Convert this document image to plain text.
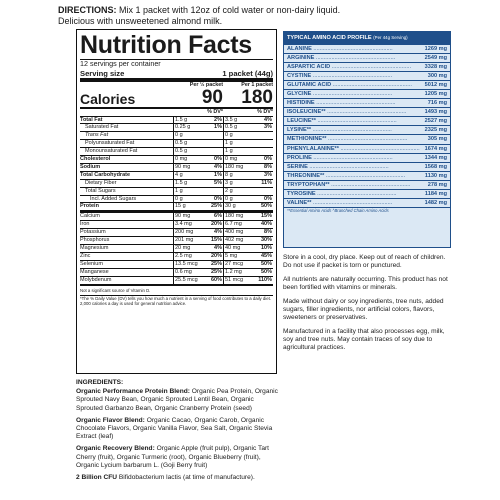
DIRECTIONS: Mix 1 packet with 12oz of cold water or non-dairy liquid.
Delicious with unsweetened almond milk.
Nutrition Facts
12 servings per container
Serving size	1 packet (44g)
Per ½ packet	Per 1 packet
Calories	90 180
% DV*	% DV*
Total Fat	1.5 g	2% 3.5 g	4%
Saturated Fat	0.25 g	1% 0.5 g	3%
Trans Fat	0 g	0 g
Polyunsaturated Fat	0.5 g	1 g
Monounsaturated Fat	0.5 g	1 g
Cholesterol	0 mg	0% 0 mg	0%
Sodium	90 mg	4% 180 mg	8%
Total Carbohydrate	4 g	1% 8 g	3%
Dietary Fiber	1.5 g	5% 3 g	11%
Total Sugars	1 g	2 g
Incl. Added Sugars	0 g	0% 0 g	0%
Protein	15 g	25% 30 g	50%
Calcium	90 mg	6% 180 mg	15%
Iron	3.4 mg	20% 6.7 mg	40%
Potassium	200 mg	4% 400 mg	8%
Phosphorus	201 mg	15% 402 mg	30%
Magnesium	20 mg	4% 40 mg	10%
Zinc	2.5 mg	20% 5 mg	45%
Selenium	13.5 mcg	25% 27 mcg	50%
Manganese	0.6 mg	25% 1.2 mg	50%
Molybdenum	25.5 mcg	60% 51 mcg	110%

Not a significant source of Vitamin D.

*The % Daily Value (DV) tells you how much a nutrient in a serving of food contributes to a daily diet. 2,000 calories a day is used for general nutrition advice.

INGREDIENTS:

Organic Performance Protein Blend: Organic Pea Protein, Organic Sprouted Navy Bean, Organic Sprouted Lentil Bean, Organic Sprouted Garbanzo Bean, Organic Cranberry Protein (seed)

Organic Flavor Blend: Organic Cacao, Organic Carob, Organic Chocolate Flavors, Organic Vanilla Flavor, Sea Salt, Organic Stevia Extract (leaf)

Organic Recovery Blend: Organic Apple (fruit pulp), Organic Tart Cherry (fruit), Organic Turmeric (root), Organic Blueberry (fruit), Organic Lycium barbarum L. (Goji Berry fruit)

2 Billion CFU Bifidobacterium lactis (at time of manufacture).

TYPICAL AMINO ACID PROFILE (Per 44g Serving)
ALANINE .....	1269 mg
ARGININE .....	2549 mg
ASPARTIC ACID .....	3328 mg
CYSTINE .....	300 mg
GLUTAMIC ACID .....	5012 mg
GLYCINE .....	1205 mg
HISTIDINE .....	716 mg
ISOLEUCINE** .....	1493 mg
LEUCINE** .....	2527 mg
LYSINE** .....	2325 mg
METHIONINE** .....	305 mg
PHENYLALANINE** .....	1674 mg
PROLINE .....	1344 mg
SERINE .....	1568 mg
THREONINE** .....	1130 mg
TRYPTOPHAN** .....	278 mg
TYROSINE .....	1184 mg
VALINE** .....	1482 mg
**Essential Amino Acids ^Branched Chain Amino Acids

Store in a cool, dry place. Keep out of reach of children. Do not use if packet is torn or punctured.

All nutrients are naturally occurring. This product has not been fortified with vitamins or minerals.

Made without dairy or soy ingredients, tree nuts, added sugars, filler ingredients, nor artificial colors, flavors, sweeteners or preservatives.

Manufactured in a facility that also processes egg, milk, soy and tree nuts. May contain traces of soy due to agricultural practices.
